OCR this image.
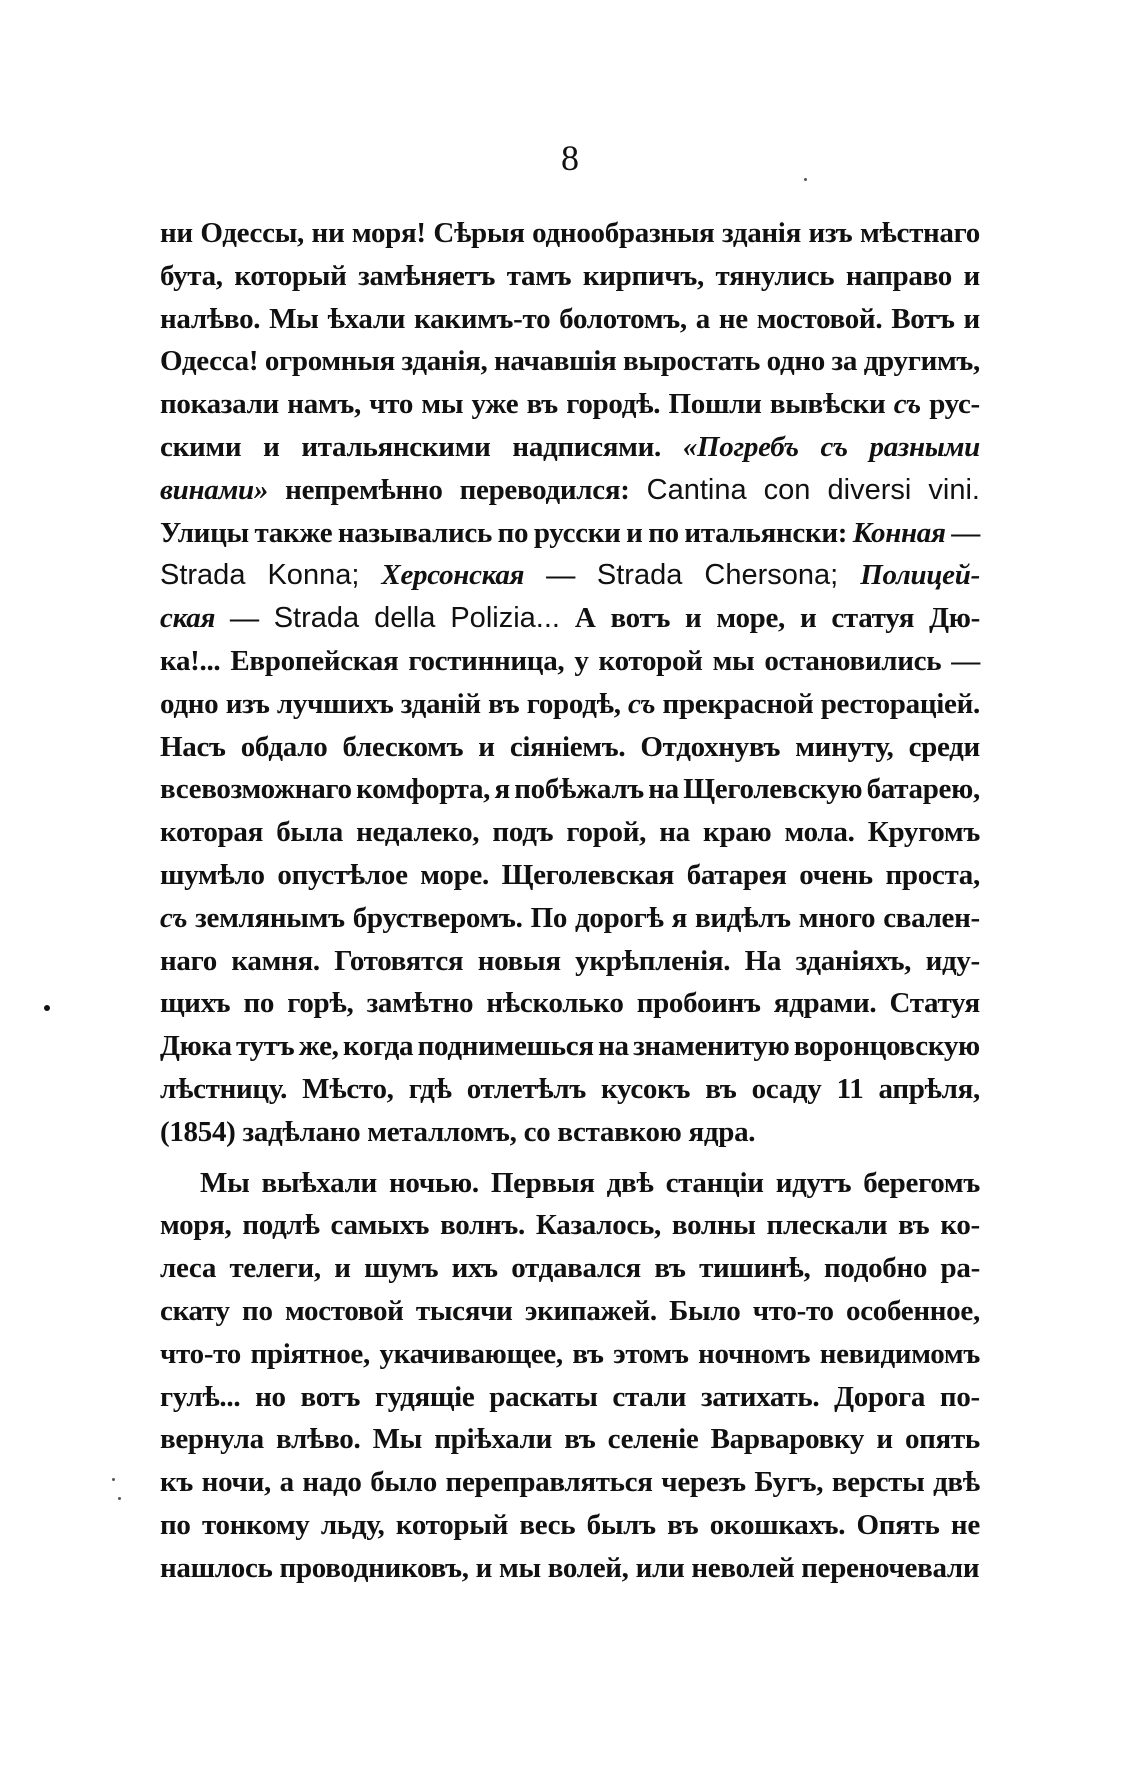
8
ни Одессы, ни моря! Сѣрыя однообразныя зданія изъ мѣстнаго
бута, который замѣняетъ тамъ кирпичъ, тянулись направо и
налѣво. Мы ѣхали какимъ-то болотомъ, а не мостовой. Вотъ и
Одесса! огромныя зданія, начавшія выростать одно за другимъ,
показали намъ, что мы уже въ городѣ. Пошли вывѣски съ рус-
скими и итальянскими надписями. «Погребъ съ разными
винами» непремѣнно переводился: Cantina con diversi vini.
Улицы также назывались по русски и по итальянски: Конная —
Strada Konna; Херсонская — Strada Chersona; Полицей-
ская — Strada della Polizia... А вотъ и море, и статуя Дю-
ка!... Европейская гостинница, у которой мы остановились —
одно изъ лучшихъ зданій въ городѣ, съ прекрасной ресторацiей.
Насъ обдало блескомъ и сіяніемъ. Отдохнувъ минуту, среди
всевозможнаго комфорта, я побѣжалъ на Щеголевскую батарею,
которая была недалеко, подъ горой, на краю мола. Кругомъ
шумѣло опустѣлое море. Щеголевская батарея очень проста,
съ землянымъ брустверомъ. По дорогѣ я видѣлъ много свален-
наго камня. Готовятся новыя укрѣпленія. На зданіяхъ, иду-
щихъ по горѣ, замѣтно нѣсколько пробоинъ ядрами. Статуя
Дюка тутъ же, когда поднимешься на знаменитую воронцовскую
лѣстницу. Мѣсто, гдѣ отлетѣлъ кусокъ въ осаду 11 апрѣля,
(1854)
задѣлано
металломъ,
со
вставкою
ядра.
Мы выѣхали ночью. Первыя двѣ станціи идутъ берегомъ
моря, подлѣ самыхъ волнъ. Казалось, волны плескали въ ко-
леса телеги, и шумъ ихъ отдавался въ тишинѣ, подобно ра-
скату по мостовой тысячи экипажей. Было что-то особенное,
что-то пріятное, укачивающее, въ этомъ ночномъ невидимомъ
гулѣ... но вотъ гудящіе раскаты стали затихать. Дорога по-
вернула влѣво. Мы пріѣхали въ селеніе Варваровку и опять
къ ночи, а надо было переправляться черезъ Бугъ, версты двѣ
по тонкому льду, который весь былъ въ окошкахъ. Опять не
нашлось
проводниковъ,
и
мы
волей,
или
неволей
переночевали
